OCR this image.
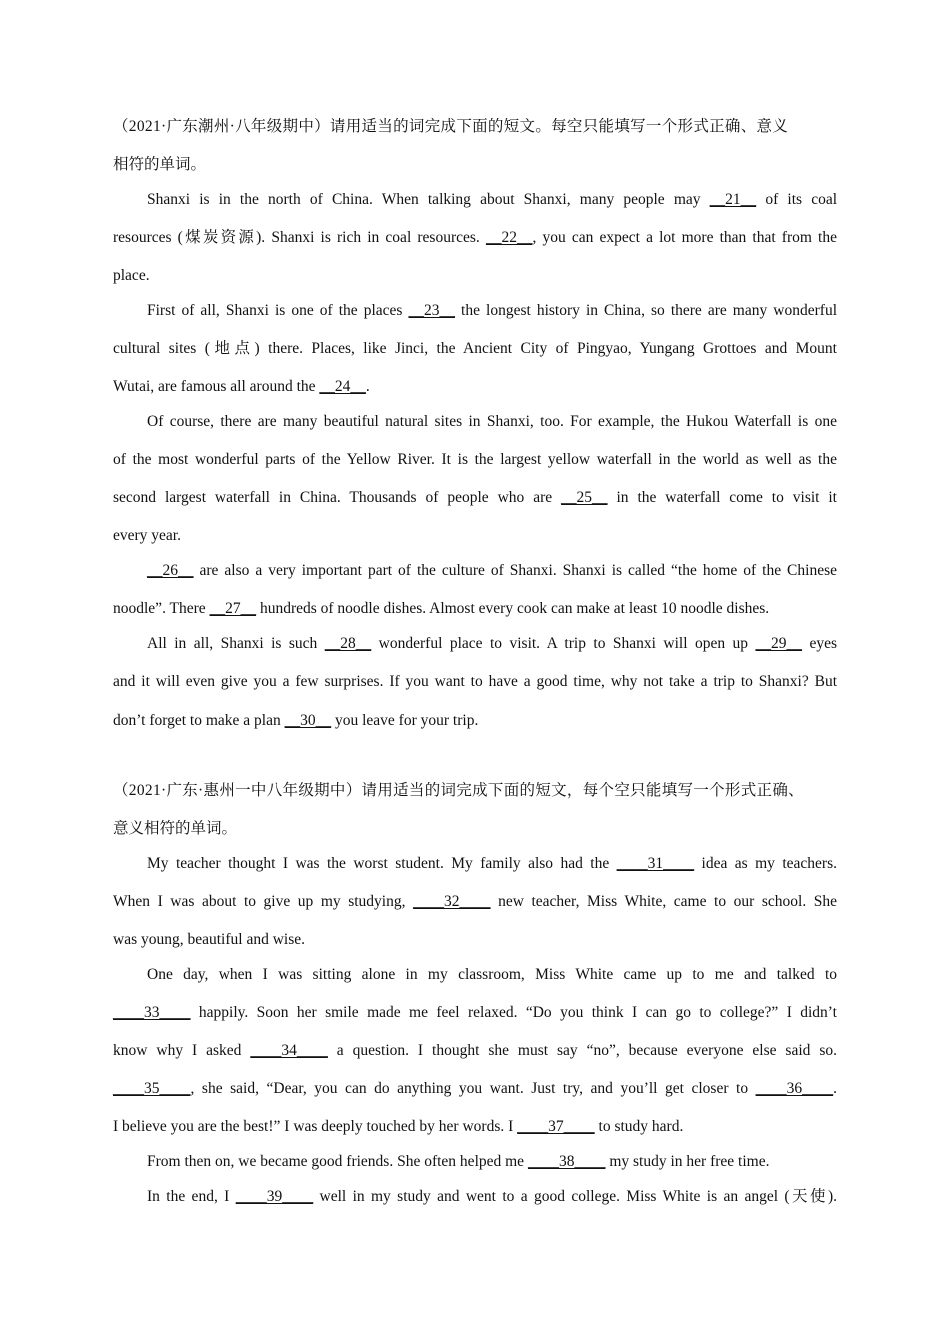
（2021·广东潮州·八年级期中）请用适当的词完成下面的短文。每空只能填写一个形式正确、意义
相符的单词。
Shanxi is in the north of China. When talking about Shanxi, many people may __21__ of its coal
resources (煤炭资源). Shanxi is rich in coal resources. __22__, you can expect a lot more than that from the
place.
First of all, Shanxi is one of the places __23__ the longest history in China, so there are many wonderful
cultural sites (地点) there. Places, like Jinci, the Ancient City of Pingyao, Yungang Grottoes and Mount
Wutai, are famous all around the __24__.
Of course, there are many beautiful natural sites in Shanxi, too. For example, the Hukou Waterfall is one
of the most wonderful parts of the Yellow River. It is the largest yellow waterfall in the world as well as the
second largest waterfall in China. Thousands of people who are __25__ in the waterfall come to visit it
every year.
__26__ are also a very important part of the culture of Shanxi. Shanxi is called “the home of the Chinese
noodle”. There __27__ hundreds of noodle dishes. Almost every cook can make at least 10 noodle dishes.
All in all, Shanxi is such __28__ wonderful place to visit. A trip to Shanxi will open up __29__ eyes
and it will even give you a few surprises. If you want to have a good time, why not take a trip to Shanxi? But
don’t forget to make a plan __30__ you leave for your trip.
（2021·广东·惠州一中八年级期中）请用适当的词完成下面的短文，每个空只能填写一个形式正确、
意义相符的单词。
My teacher thought I was the worst student. My family also had the ____31____ idea as my teachers.
When I was about to give up my studying, ____32____ new teacher, Miss White, came to our school. She
was young, beautiful and wise.
One day, when I was sitting alone in my classroom, Miss White came up to me and talked to
____33____ happily. Soon her smile made me feel relaxed. “Do you think I can go to college?” I didn’t
know why I asked ____34____ a question. I thought she must say “no”, because everyone else said so.
____35____, she said, “Dear, you can do anything you want. Just try, and you’ll get closer to ____36____.
I believe you are the best!” I was deeply touched by her words. I ____37____ to study hard.
From then on, we became good friends. She often helped me ____38____ my study in her free time.
In the end, I ____39____ well in my study and went to a good college. Miss White is an angel (天使).
